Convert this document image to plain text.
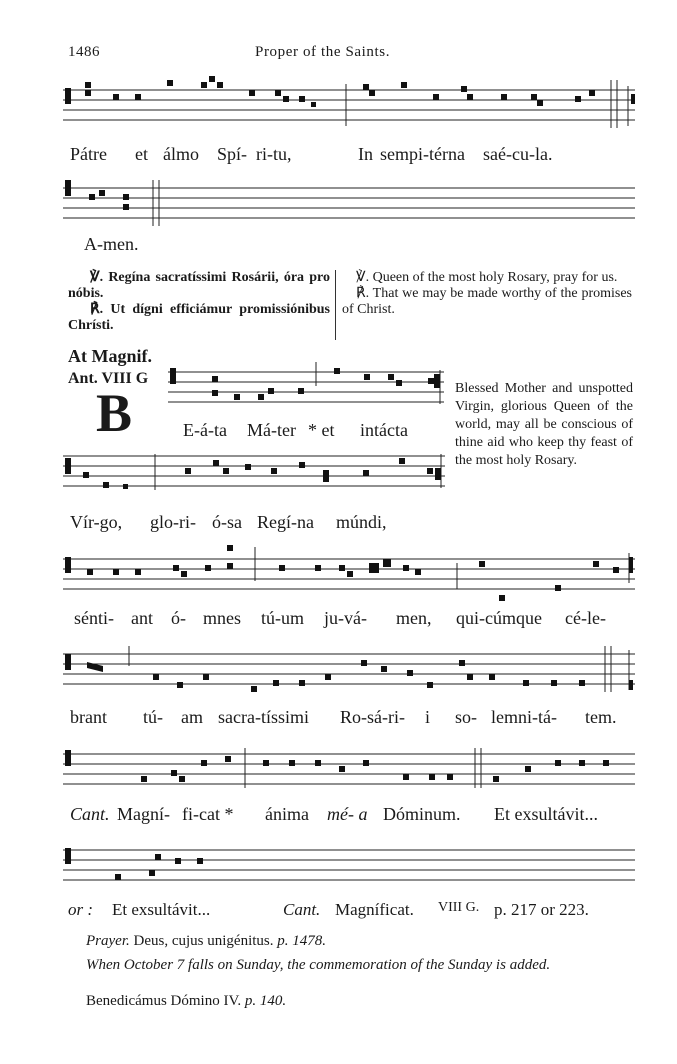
1486	Proper of the Saints.
Pátre et álmo Spí- ri-tu,	In sempi-térna saé-cu-la.
A-men.
℣. Regína sacratíssimi Rosárii, óra pro nóbis.
℟. Ut dígni efficiámur promissiónibus Chrísti.
℣. Queen of the most holy Rosary, pray for us.
℟. That we may be made worthy of the promises of Christ.
At Magnif.
Ant. VIII G
B	E-á-ta Má-ter * et intácta
Blessed Mother and unspotted Virgin, glorious Queen of the world, may all be conscious of thine aid who keep thy feast of the most holy Rosary.
Vír-go, glo-ri- ó-sa Regí-na múndi,
sénti- ant ó- mnes tú-um ju-vá- men, qui-cúmque cé-le-
brant tú- am sacra-tíssimi Ro-sá-ri- i so- lemni-tá- tem.
Cant. Magní- fi-cat * ánima mé- a Dóminum. Et exsultávit...
or : Et exsultávit...	Cant. Magníficat. VIII G. p. 217 or 223.
Prayer. Deus, cujus unigénitus. p. 1478.
When October 7 falls on Sunday, the commemoration of the Sunday is added.
Benedicámus Dómino IV. p. 140.
